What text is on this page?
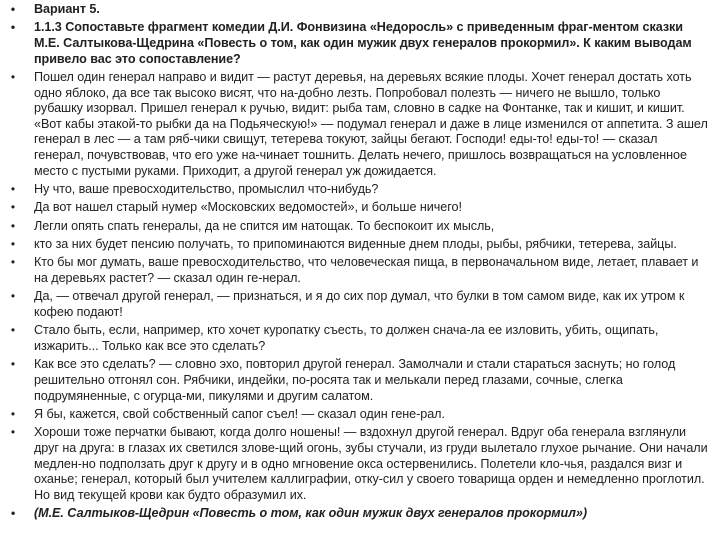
•	Вариант 5.
•	1.1.3 Сопоставьте фрагмент комедии Д.И. Фонвизина «Недоросль» с приведенным фраг-ментом сказки М.Е. Салтыкова-Щедрина «Повесть о том, как один мужик двух генералов прокормил». К каким выводам привело вас это сопоставление?
•	Пошел один генерал направо и видит — растут деревья, на деревьях всякие плоды. Хочет генерал достать хоть одно яблоко, да все так высоко висят, что на-добно лезть. Попробовал полезть — ничего не вышло, только рубашку изорвал. Пришел генерал к ручью, видит: рыба там, словно в садке на Фонтанке, так и кишит, и кишит. «Вот кабы этакой-то рыбки да на Подьяческую!» — подумал генерал и даже в лице изменился от аппетита. З ашел генерал в лес — а там ряб-чики свищут, тетерева токуют, зайцы бегают. Господи! еды-то! еды-то! — сказал генерал, почувствовав, что его уже на-чинает тошнить. Делать нечего, пришлось возвращаться на условленное место с пустыми руками. Приходит, а другой генерал уж дожидается.
•	Ну что, ваше превосходительство, промыслил что-нибудь?
•	Да вот нашел старый нумер «Московских ведомостей», и больше ничего!
•	Легли опять спать генералы, да не спится им натощак. То беспокоит их мысль,
•	кто за них будет пенсию получать, то припоминаются виденные днем плоды, рыбы, рябчики, тетерева, зайцы.
•	Кто бы мог думать, ваше превосходительство, что человеческая пища, в первоначальном виде, летает, плавает и на деревьях растет? — сказал один ге-нерал.
•	Да, — отвечал другой генерал, — признаться, и я до сих пор думал, что булки в том самом виде, как их утром к кофею подают!
•	Стало быть, если, например, кто хочет куропатку съесть, то должен снача-ла ее изловить, убить, ощипать, изжарить... Только как все это сделать?
•	Как все это сделать? — словно эхо, повторил другой генерал. Замолчали и стали стараться заснуть; но голод решительно отгонял сон. Рябчики, индейки, по-росята так и мелькали перед глазами, сочные, слегка подрумяненные, с огурца-ми, пикулями и другим салатом.
•	Я бы, кажется, свой собственный сапог съел! — сказал один гене-рал.
•	Хороши тоже перчатки бывают, когда долго ношены! — вздохнул другой генерал. Вдруг оба генерала взглянули друг на друга: в глазах их светился злове-щий огонь, зубы стучали, из груди вылетало глухое рычание. Они начали медлен-но подползать друг к другу и в одно мгновение окса остервенились. Полетели кло-чья, раздался визг и оханье; генерал, который был учителем каллиграфии, отку-сил у своего товарища орден и немедленно проглотил. Но вид текущей крови как будто образумил их.
•	(М.Е. Салтыков-Щедрин «Повесть о том, как один мужик двух генералов прокормил»)
